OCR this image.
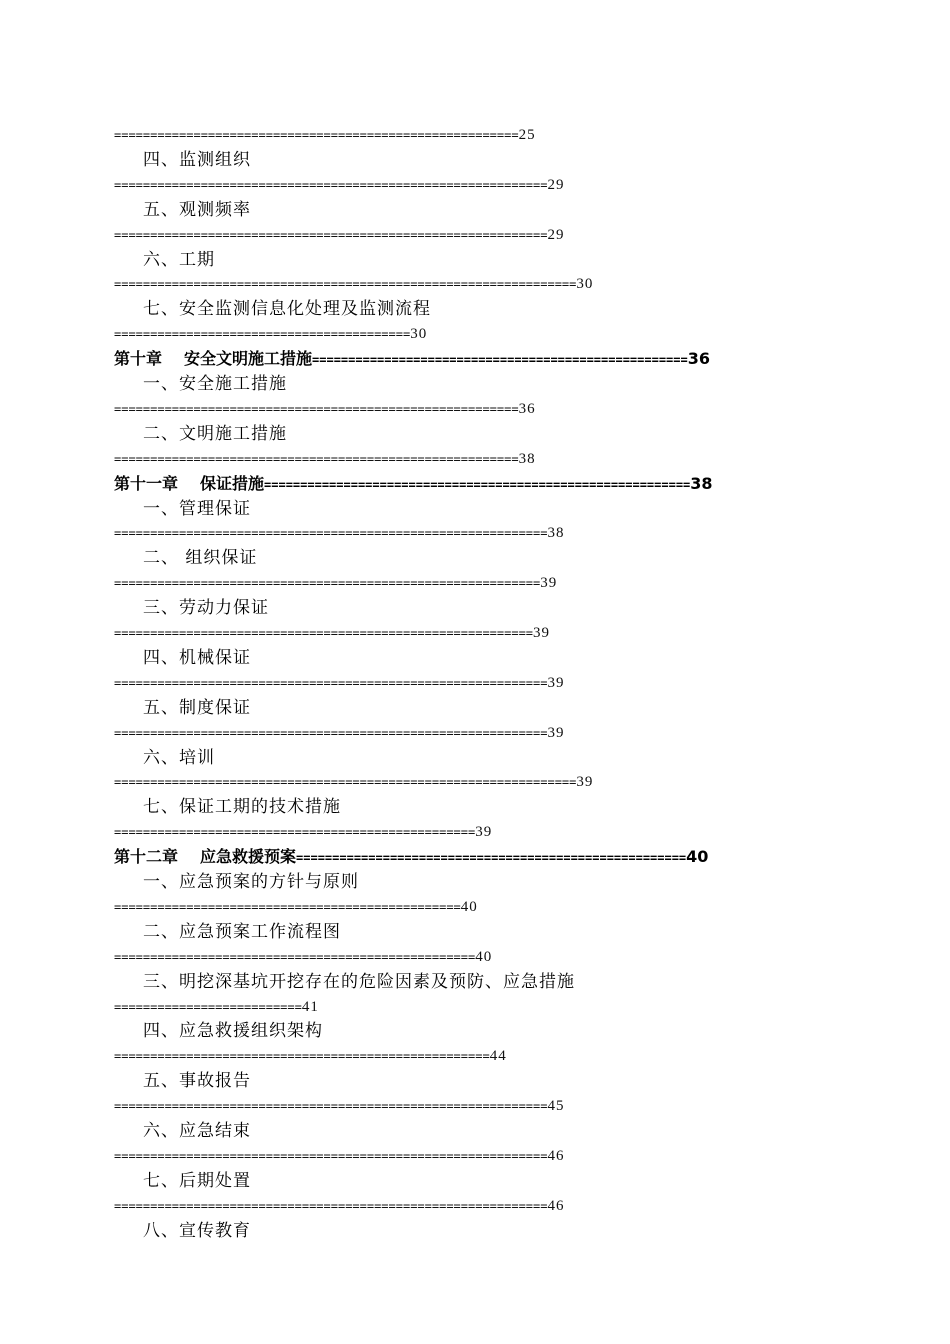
========================================================25
四、监测组织
============================================================29
五、观测频率
============================================================29
六、工期
================================================================30
七、安全监测信息化处理及监测流程
=========================================30
第十章 安全文明施工措施====================================================36
一、安全施工措施
========================================================36
二、文明施工措施
========================================================38
第十一章 保证措施===========================================================38
一、管理保证
============================================================38
二、 组织保证
===========================================================39
三、劳动力保证
==========================================================39
四、机械保证
============================================================39
五、制度保证
============================================================39
六、培训
================================================================39
七、保证工期的技术措施
==================================================39
第十二章 应急救援预案======================================================40
一、应急预案的方针与原则
================================================40
二、应急预案工作流程图
==================================================40
三、明挖深基坑开挖存在的危险因素及预防、应急措施
==========================41
四、应急救援组织架构
====================================================44
五、事故报告
============================================================45
六、应急结束
============================================================46
七、后期处置
============================================================46
八、宣传教育
